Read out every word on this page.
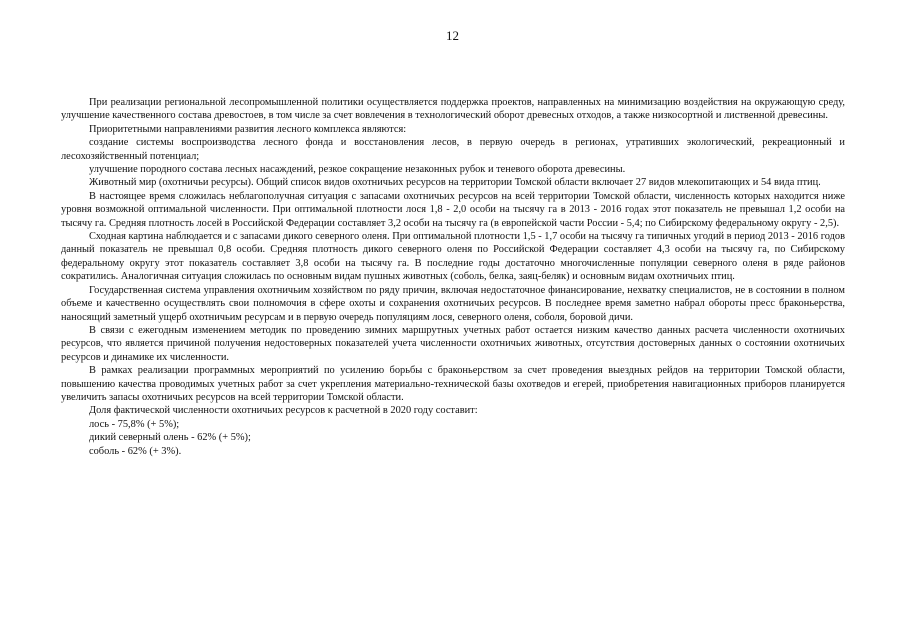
12

При реализации региональной лесопромышленной политики осуществляется поддержка проектов, направленных на минимизацию воздействия на окружающую среду, улучшение качественного состава древостоев, в том числе за счет вовлечения в технологический оборот древесных отходов, а также низкосортной и лиственной древесины.

Приоритетными направлениями развития лесного комплекса являются:

создание системы воспроизводства лесного фонда и восстановления лесов, в первую очередь в регионах, утративших экологический, рекреационный и лесохозяйственный потенциал;

улучшение породного состава лесных насаждений, резкое сокращение незаконных рубок и теневого оборота древесины.

Животный мир (охотничьи ресурсы). Общий список видов охотничьих ресурсов на территории Томской области включает 27 видов млекопитающих и 54 вида птиц.

В настоящее время сложилась неблагополучная ситуация с запасами охотничьих ресурсов на всей территории Томской области, численность которых находится ниже уровня возможной оптимальной численности. При оптимальной плотности лося 1,8 - 2,0 особи на тысячу га в 2013 - 2016 годах этот показатель не превышал 1,2 особи на тысячу га. Средняя плотность лосей в Российской Федерации составляет 3,2 особи на тысячу га (в европейской части России - 5,4; по Сибирскому федеральному округу - 2,5).

Сходная картина наблюдается и с запасами дикого северного оленя. При оптимальной плотности 1,5 - 1,7 особи на тысячу га типичных угодий в период 2013 - 2016 годов данный показатель не превышал 0,8 особи. Средняя плотность дикого северного оленя по Российской Федерации составляет 4,3 особи на тысячу га, по Сибирскому федеральному округу этот показатель составляет 3,8 особи на тысячу га. В последние годы достаточно многочисленные популяции северного оленя в ряде районов сократились. Аналогичная ситуация сложилась по основным видам пушных животных (соболь, белка, заяц-беляк) и основным видам охотничьих птиц.

Государственная система управления охотничьим хозяйством по ряду причин, включая недостаточное финансирование, нехватку специалистов, не в состоянии в полном объеме и качественно осуществлять свои полномочия в сфере охоты и сохранения охотничьих ресурсов. В последнее время заметно набрал обороты пресс браконьерства, наносящий заметный ущерб охотничьим ресурсам и в первую очередь популяциям лося, северного оленя, соболя, боровой дичи.

В связи с ежегодным изменением методик по проведению зимних маршрутных учетных работ остается низким качество данных расчета численности охотничьих ресурсов, что является причиной получения недостоверных показателей учета численности охотничьих животных, отсутствия достоверных данных о состоянии охотничьих ресурсов и динамике их численности.

В рамках реализации программных мероприятий по усилению борьбы с браконьерством за счет проведения выездных рейдов на территории Томской области, повышению качества проводимых учетных работ за счет укрепления материально-технической базы охотведов и егерей, приобретения навигационных приборов планируется увеличить запасы охотничьих ресурсов на всей территории Томской области.

Доля фактической численности охотничьих ресурсов к расчетной в 2020 году составит:

лось - 75,8% (+ 5%);

дикий северный олень - 62% (+ 5%);

соболь - 62% (+ 3%).
